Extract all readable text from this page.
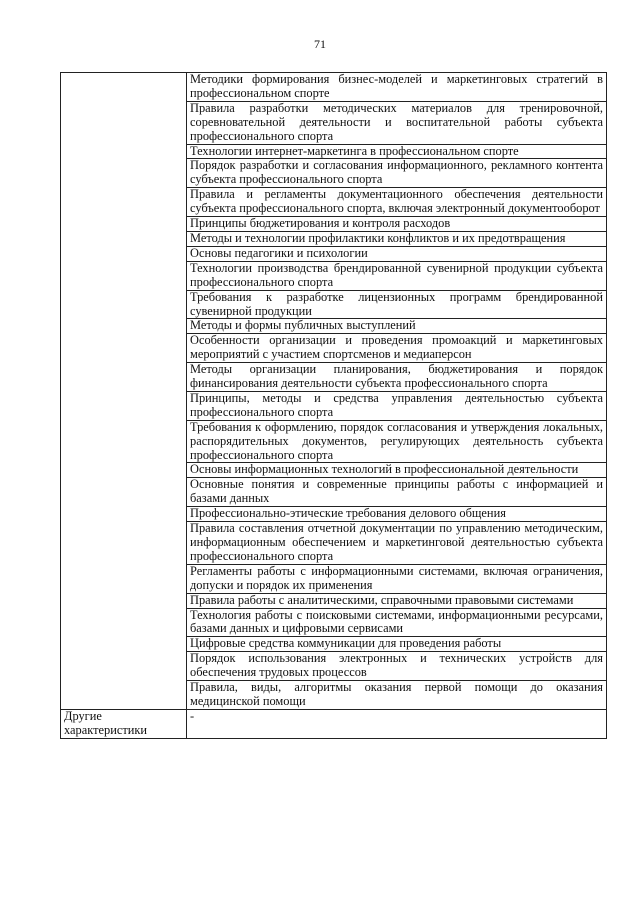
71
	Методики формирования бизнес-моделей и маркетинговых стратегий в профессиональном спорте
	Правила разработки методических материалов для тренировочной, соревновательной деятельности и воспитательной работы субъекта профессионального спорта
	Технологии интернет-маркетинга в профессиональном спорте
	Порядок разработки и согласования информационного, рекламного контента субъекта профессионального спорта
	Правила и регламенты документационного обеспечения деятельности субъекта профессионального спорта, включая электронный документооборот
	Принципы бюджетирования и контроля расходов
	Методы и технологии профилактики конфликтов и их предотвращения
	Основы педагогики и психологии
	Технологии производства брендированной сувенирной продукции субъекта профессионального спорта
	Требования к разработке лицензионных программ брендированной сувенирной продукции
	Методы и формы публичных выступлений
	Особенности организации и проведения промоакций и маркетинговых мероприятий с участием спортсменов и медиаперсон
	Методы организации планирования, бюджетирования и порядок финансирования деятельности субъекта профессионального спорта
	Принципы, методы и средства управления деятельностью субъекта профессионального спорта
	Требования к оформлению, порядок согласования и утверждения локальных, распорядительных документов, регулирующих деятельность субъекта профессионального спорта
	Основы информационных технологий в профессиональной деятельности
	Основные понятия и современные принципы работы с информацией и базами данных
	Профессионально-этические требования делового общения
	Правила составления отчетной документации по управлению методическим, информационным обеспечением и маркетинговой деятельностью субъекта профессионального спорта
	Регламенты работы с информационными системами, включая ограничения, допуски и порядок их применения
	Правила работы с аналитическими, справочными правовыми системами
	Технология работы с поисковыми системами, информационными ресурсами, базами данных и цифровыми сервисами
	Цифровые средства коммуникации для проведения работы
	Порядок использования электронных и технических устройств для обеспечения трудовых процессов
	Правила, виды, алгоритмы оказания первой помощи до оказания медицинской помощи
Другие характеристики	-
